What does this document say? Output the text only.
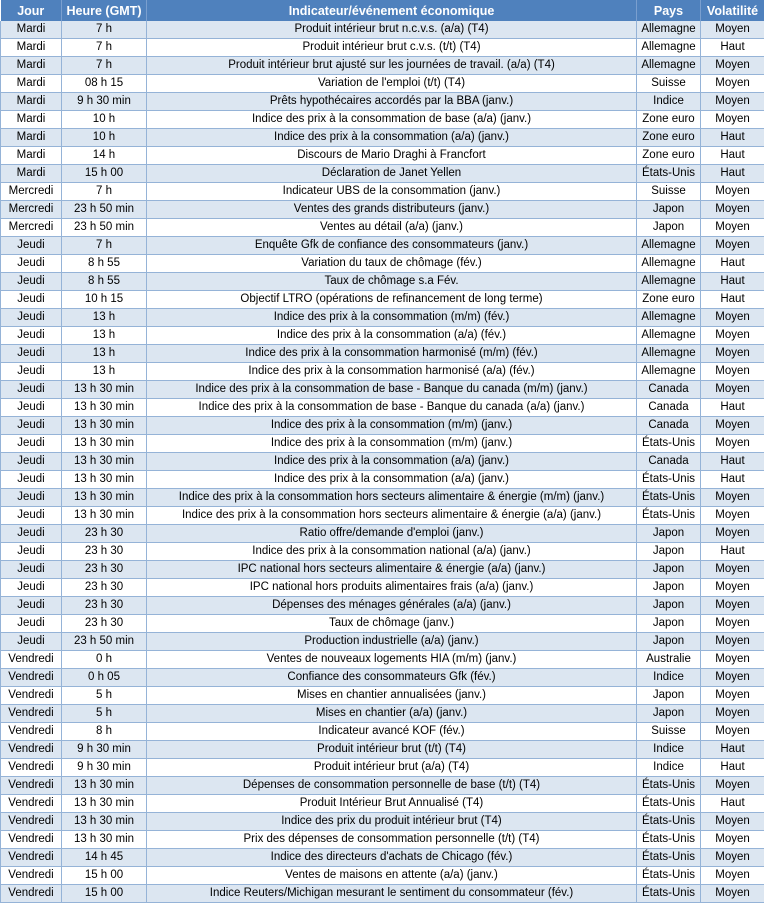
Jour	Heure (GMT)	Indicateur/événement économique	Pays	Volatilité
Mardi	7 h	Produit intérieur brut n.c.v.s. (a/a) (T4)	Allemagne	Moyen
Mardi	7 h	Produit intérieur brut c.v.s. (t/t) (T4)	Allemagne	Haut
Mardi	7 h	Produit intérieur brut ajusté sur les journées de travail. (a/a) (T4)	Allemagne	Moyen
Mardi	08 h 15	Variation de l'emploi (t/t) (T4)	Suisse	Moyen
Mardi	9 h 30 min	Prêts hypothécaires accordés par la BBA (janv.)	Indice	Moyen
Mardi	10 h	Indice des prix à la consommation de base (a/a) (janv.)	Zone euro	Moyen
Mardi	10 h	Indice des prix à la consommation (a/a) (janv.)	Zone euro	Haut
Mardi	14 h	Discours de Mario Draghi à Francfort	Zone euro	Haut
Mardi	15 h 00	Déclaration de Janet Yellen	États-Unis	Haut
Mercredi	7 h	Indicateur UBS de la consommation (janv.)	Suisse	Moyen
Mercredi	23 h 50 min	Ventes des grands distributeurs (janv.)	Japon	Moyen
Mercredi	23 h 50 min	Ventes au détail (a/a) (janv.)	Japon	Moyen
Jeudi	7 h	Enquête Gfk de confiance des consommateurs (janv.)	Allemagne	Moyen
Jeudi	8 h 55	Variation du taux de chômage (fév.)	Allemagne	Haut
Jeudi	8 h 55	Taux de chômage s.a Fév.	Allemagne	Haut
Jeudi	10 h 15	Objectif LTRO (opérations de refinancement de long terme)	Zone euro	Haut
Jeudi	13 h	Indice des prix à la consommation (m/m) (fév.)	Allemagne	Moyen
Jeudi	13 h	Indice des prix à la consommation (a/a) (fév.)	Allemagne	Moyen
Jeudi	13 h	Indice des prix à la consommation harmonisé (m/m) (fév.)	Allemagne	Moyen
Jeudi	13 h	Indice des prix à la consommation harmonisé (a/a) (fév.)	Allemagne	Moyen
Jeudi	13 h 30 min	Indice des prix à la consommation de base - Banque du canada (m/m) (janv.)	Canada	Moyen
Jeudi	13 h 30 min	Indice des prix à la consommation de base - Banque du canada (a/a) (janv.)	Canada	Haut
Jeudi	13 h 30 min	Indice des prix à la consommation (m/m) (janv.)	Canada	Moyen
Jeudi	13 h 30 min	Indice des prix à la consommation (m/m) (janv.)	États-Unis	Moyen
Jeudi	13 h 30 min	Indice des prix à la consommation (a/a) (janv.)	Canada	Haut
Jeudi	13 h 30 min	Indice des prix à la consommation (a/a) (janv.)	États-Unis	Haut
Jeudi	13 h 30 min	Indice des prix à la consommation hors secteurs alimentaire & énergie (m/m) (janv.)	États-Unis	Moyen
Jeudi	13 h 30 min	Indice des prix à la consommation hors secteurs alimentaire & énergie (a/a) (janv.)	États-Unis	Moyen
Jeudi	23 h 30	Ratio offre/demande d'emploi (janv.)	Japon	Moyen
Jeudi	23 h 30	Indice des prix à la consommation national (a/a) (janv.)	Japon	Haut
Jeudi	23 h 30	IPC national hors secteurs alimentaire & énergie (a/a) (janv.)	Japon	Moyen
Jeudi	23 h 30	IPC national hors produits alimentaires frais (a/a) (janv.)	Japon	Moyen
Jeudi	23 h 30	Dépenses des ménages générales (a/a) (janv.)	Japon	Moyen
Jeudi	23 h 30	Taux de chômage (janv.)	Japon	Moyen
Jeudi	23 h 50 min	Production industrielle (a/a) (janv.)	Japon	Moyen
Vendredi	0 h	Ventes de nouveaux logements HIA (m/m) (janv.)	Australie	Moyen
Vendredi	0 h 05	Confiance des consommateurs Gfk (fév.)	Indice	Moyen
Vendredi	5 h	Mises en chantier annualisées (janv.)	Japon	Moyen
Vendredi	5 h	Mises en chantier (a/a) (janv.)	Japon	Moyen
Vendredi	8 h	Indicateur avancé KOF (fév.)	Suisse	Moyen
Vendredi	9 h 30 min	Produit intérieur brut (t/t) (T4)	Indice	Haut
Vendredi	9 h 30 min	Produit intérieur brut (a/a) (T4)	Indice	Haut
Vendredi	13 h 30 min	Dépenses de consommation personnelle de base (t/t) (T4)	États-Unis	Moyen
Vendredi	13 h 30 min	Produit Intérieur Brut Annualisé (T4)	États-Unis	Haut
Vendredi	13 h 30 min	Indice des prix du produit intérieur brut (T4)	États-Unis	Moyen
Vendredi	13 h 30 min	Prix des dépenses de consommation personnelle (t/t) (T4)	États-Unis	Moyen
Vendredi	14 h 45	Indice des directeurs d'achats de Chicago (fév.)	États-Unis	Moyen
Vendredi	15 h 00	Ventes de maisons en attente (a/a) (janv.)	États-Unis	Moyen
Vendredi	15 h 00	Indice Reuters/Michigan mesurant le sentiment du consommateur (fév.)	États-Unis	Moyen
